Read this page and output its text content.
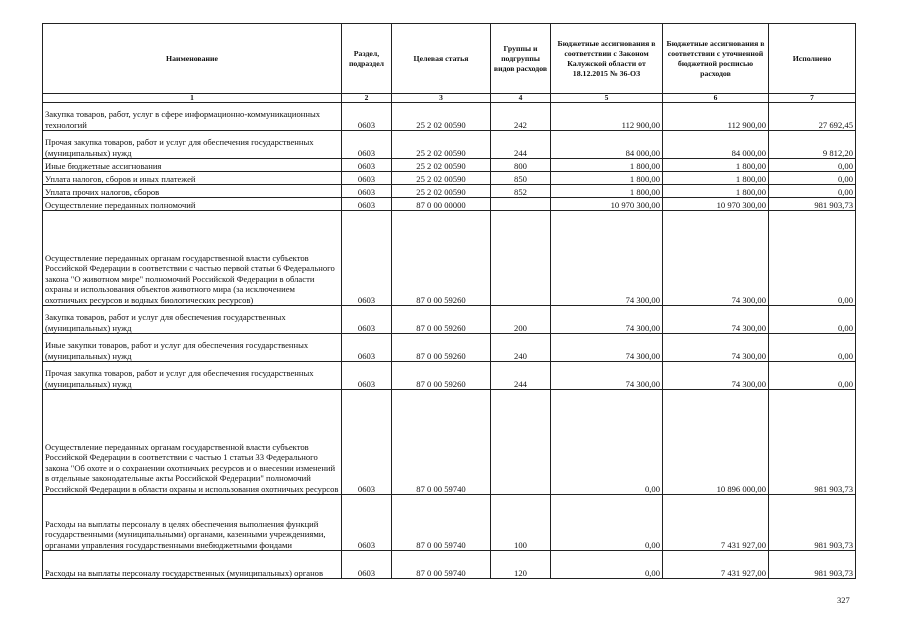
Наименование	Раздел, подраздел	Целевая статья	Группы и подгруппы видов расходов	Бюджетные ассигнования в соответствии с Законом Калужской области от 18.12.2015 № 36-ОЗ	Бюджетные ассигнования в соответствии с уточненной бюджетной росписью расходов	Исполнено
1	2	3	4	5	6	7
Закупка товаров, работ, услуг в сфере информационно-коммуникационных технологий	0603	25 2 02 00590	242	112 900,00	112 900,00	27 692,45
Прочая закупка товаров, работ и услуг для обеспечения государственных (муниципальных) нужд	0603	25 2 02 00590	244	84 000,00	84 000,00	9 812,20
Иные бюджетные ассигнования	0603	25 2 02 00590	800	1 800,00	1 800,00	0,00
Уплата налогов, сборов и иных платежей	0603	25 2 02 00590	850	1 800,00	1 800,00	0,00
Уплата прочих налогов, сборов	0603	25 2 02 00590	852	1 800,00	1 800,00	0,00
Осуществление переданных полномочий	0603	87 0 00 00000		10 970 300,00	10 970 300,00	981 903,73
Осуществление переданных органам государственной власти субъектов Российской Федерации в соответствии с частью первой статьи 6 Федерального закона "О животном мире" полномочий Российской Федерации в области охраны и использования объектов животного мира (за исключением охотничьих ресурсов и водных биологических ресурсов)	0603	87 0 00 59260		74 300,00	74 300,00	0,00
Закупка товаров, работ и услуг для обеспечения государственных (муниципальных) нужд	0603	87 0 00 59260	200	74 300,00	74 300,00	0,00
Иные закупки товаров, работ и услуг для обеспечения государственных (муниципальных) нужд	0603	87 0 00 59260	240	74 300,00	74 300,00	0,00
Прочая закупка товаров, работ и услуг для обеспечения государственных (муниципальных) нужд	0603	87 0 00 59260	244	74 300,00	74 300,00	0,00
Осуществление переданных органам государственной власти субъектов Российской Федерации в соответствии с частью 1 статьи 33 Федерального закона "Об охоте и о сохранении охотничьих ресурсов и о внесении изменений в отдельные законодательные акты Российской Федерации" полномочий Российской Федерации в области охраны и использования охотничьих ресурсов	0603	87 0 00 59740		0,00	10 896 000,00	981 903,73
Расходы на выплаты персоналу в целях обеспечения выполнения функций государственными (муниципальными) органами, казенными учреждениями, органами управления государственными внебюджетными фондами	0603	87 0 00 59740	100	0,00	7 431 927,00	981 903,73
Расходы на выплаты персоналу государственных (муниципальных) органов	0603	87 0 00 59740	120	0,00	7 431 927,00	981 903,73
327
